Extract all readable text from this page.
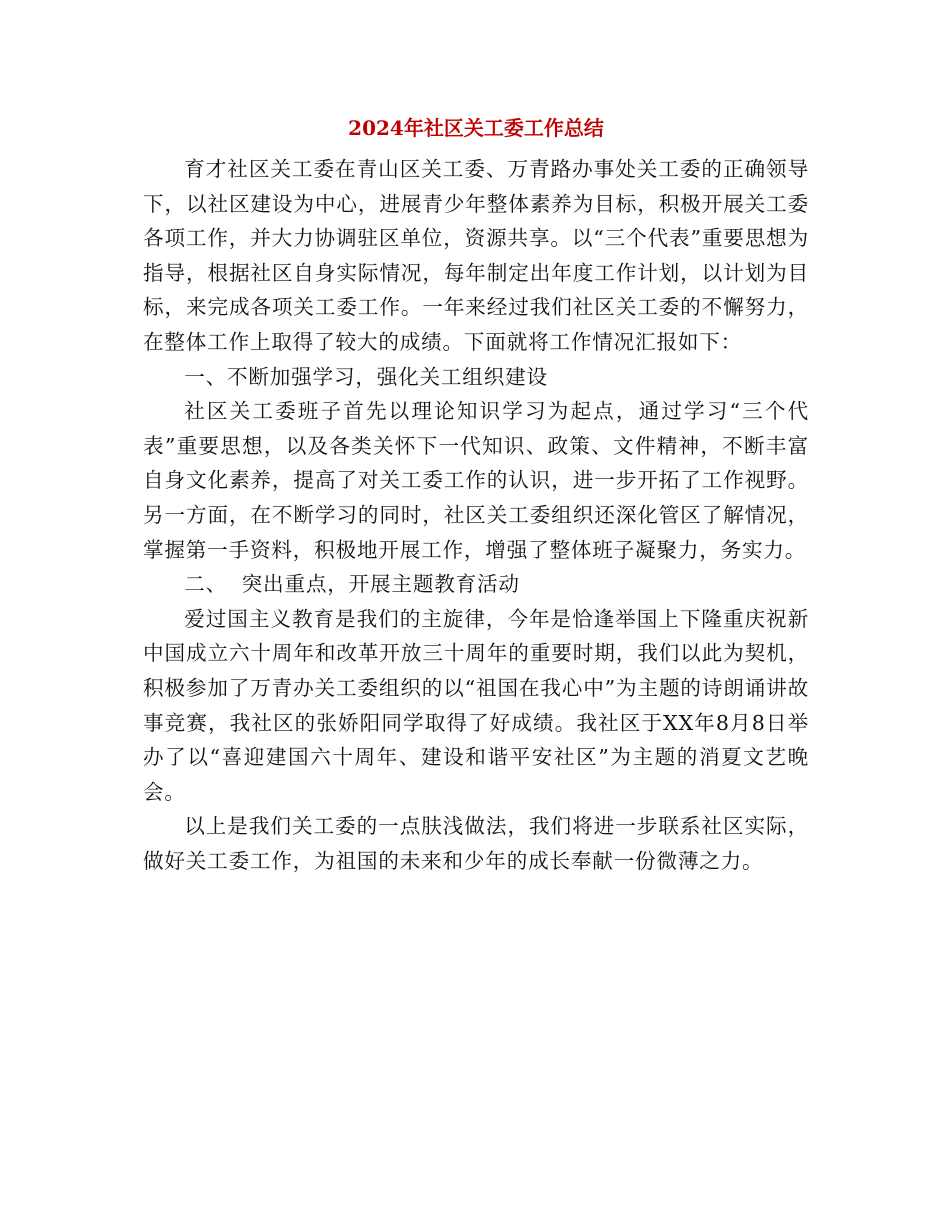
2024年社区关工委工作总结

育才社区关工委在青山区关工委、万青路办事处关工委的正确领导下，以社区建设为中心，进展青少年整体素养为目标，积极开展关工委各项工作，并大力协调驻区单位，资源共享。以“三个代表”重要思想为指导，根据社区自身实际情况，每年制定出年度工作计划，以计划为目标，来完成各项关工委工作。一年来经过我们社区关工委的不懈努力，在整体工作上取得了较大的成绩。下面就将工作情况汇报如下：

一、不断加强学习，强化关工组织建设

社区关工委班子首先以理论知识学习为起点，通过学习“三个代表”重要思想，以及各类关怀下一代知识、政策、文件精神，不断丰富自身文化素养，提高了对关工委工作的认识，进一步开拓了工作视野。另一方面，在不断学习的同时，社区关工委组织还深化管区了解情况，掌握第一手资料，积极地开展工作，增强了整体班子凝聚力，务实力。

二、  突出重点，开展主题教育活动

爱过国主义教育是我们的主旋律，今年是恰逢举国上下隆重庆祝新中国成立六十周年和改革开放三十周年的重要时期，我们以此为契机，积极参加了万青办关工委组织的以“祖国在我心中”为主题的诗朗诵讲故事竞赛，我社区的张娇阳同学取得了好成绩。我社区于XX年8月8日举办了以“喜迎建国六十周年、建设和谐平安社区”为主题的消夏文艺晚会。

以上是我们关工委的一点肤浅做法，我们将进一步联系社区实际，做好关工委工作，为祖国的未来和少年的成长奉献一份微薄之力。
